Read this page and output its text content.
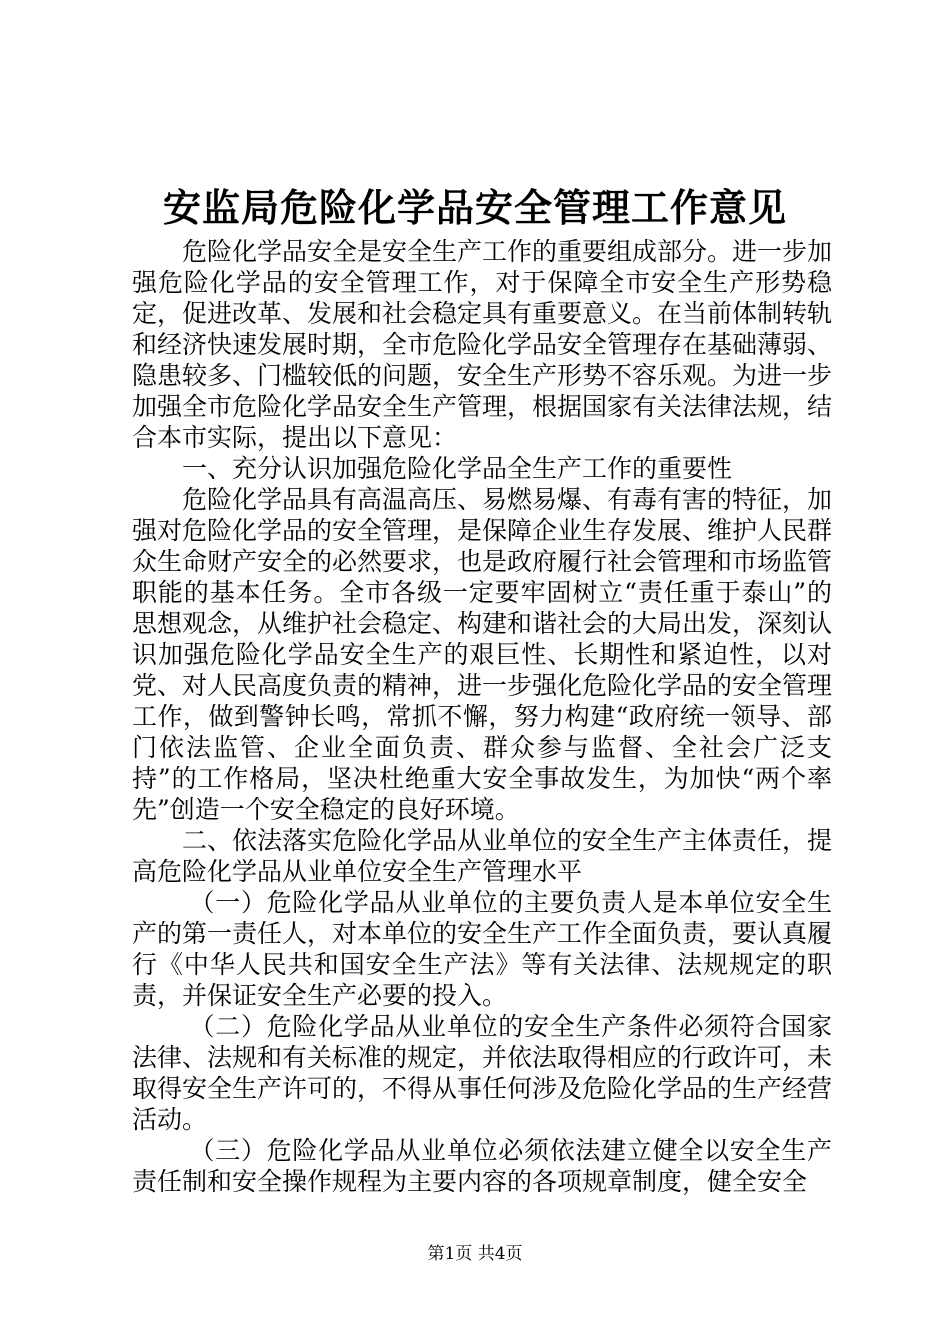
安监局危险化学品安全管理工作意见

危险化学品安全是安全生产工作的重要组成部分。进一步加强危险化学品的安全管理工作，对于保障全市安全生产形势稳定，促进改革、发展和社会稳定具有重要意义。在当前体制转轨和经济快速发展时期，全市危险化学品安全管理存在基础薄弱、隐患较多、门槛较低的问题，安全生产形势不容乐观。为进一步加强全市危险化学品安全生产管理，根据国家有关法律法规，结合本市实际，提出以下意见：

一、充分认识加强危险化学品全生产工作的重要性

危险化学品具有高温高压、易燃易爆、有毒有害的特征，加强对危险化学品的安全管理，是保障企业生存发展、维护人民群众生命财产安全的必然要求，也是政府履行社会管理和市场监管职能的基本任务。全市各级一定要牢固树立“责任重于泰山”的思想观念，从维护社会稳定、构建和谐社会的大局出发，深刻认识加强危险化学品安全生产的艰巨性、长期性和紧迫性，以对党、对人民高度负责的精神，进一步强化危险化学品的安全管理工作，做到警钟长鸣，常抓不懈，努力构建“政府统一领导、部门依法监管、企业全面负责、群众参与监督、全社会广泛支持”的工作格局，坚决杜绝重大安全事故发生，为加快“两个率先”创造一个安全稳定的良好环境。

二、依法落实危险化学品从业单位的安全生产主体责任，提高危险化学品从业单位安全生产管理水平

（一）危险化学品从业单位的主要负责人是本单位安全生产的第一责任人，对本单位的安全生产工作全面负责，要认真履行《中华人民共和国安全生产法》等有关法律、法规规定的职责，并保证安全生产必要的投入。

（二）危险化学品从业单位的安全生产条件必须符合国家法律、法规和有关标准的规定，并依法取得相应的行政许可，未取得安全生产许可的，不得从事任何涉及危险化学品的生产经营活动。

（三）危险化学品从业单位必须依法建立健全以安全生产责任制和安全操作规程为主要内容的各项规章制度，健全安全

第1页 共4页
